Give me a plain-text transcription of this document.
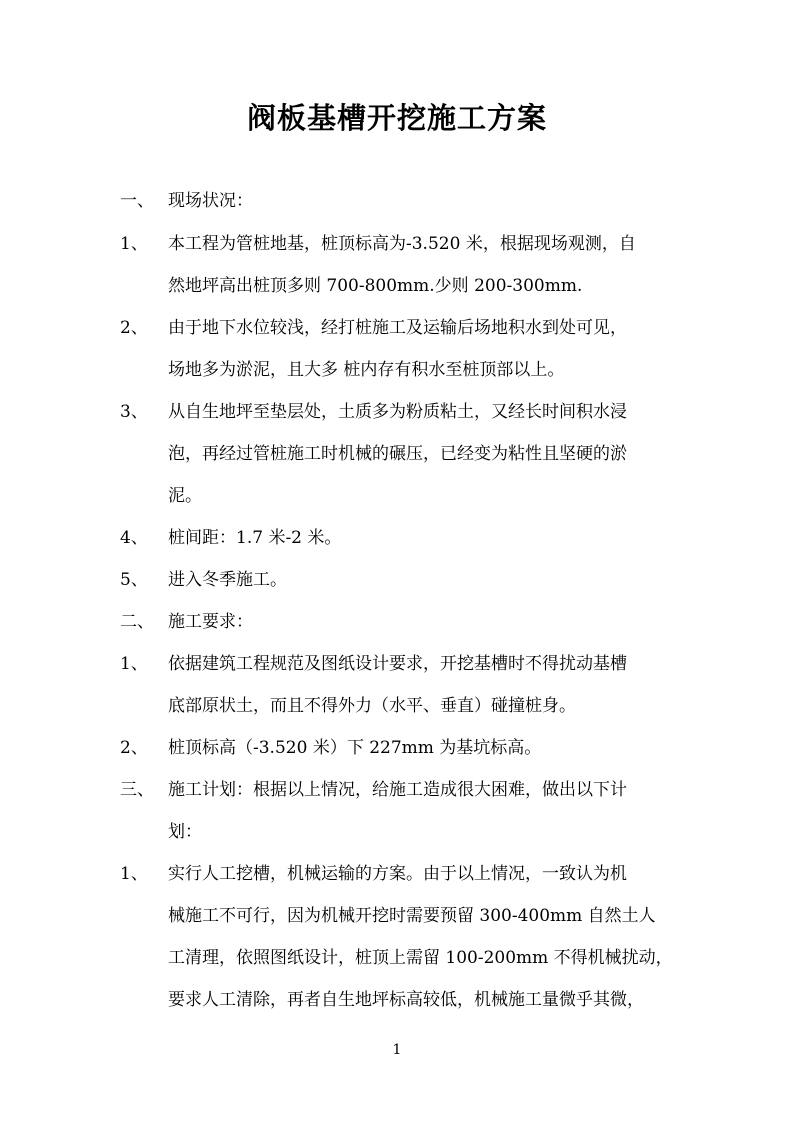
阀板基槽开挖施工方案
一、 现场状况：
1、 本工程为管桩地基，桩顶标高为-3.520 米，根据现场观测，自
然地坪高出桩顶多则 700-800mm.少则 200-300mm.
2、 由于地下水位较浅，经打桩施工及运输后场地积水到处可见，
场地多为淤泥，且大多 桩内存有积水至桩顶部以上。
3、 从自生地坪至垫层处，土质多为粉质粘土，又经长时间积水浸
泡，再经过管桩施工时机械的碾压，已经变为粘性且坚硬的淤
泥。
4、 桩间距：1.7 米-2 米。
5、 进入冬季施工。
二、 施工要求：
1、 依据建筑工程规范及图纸设计要求，开挖基槽时不得扰动基槽
底部原状土，而且不得外力（水平、垂直）碰撞桩身。
2、 桩顶标高（-3.520 米）下 227mm 为基坑标高。
三、 施工计划：根据以上情况，给施工造成很大困难，做出以下计
划：
1、 实行人工挖槽，机械运输的方案。由于以上情况，一致认为机
械施工不可行，因为机械开挖时需要预留 300-400mm 自然土人
工清理，依照图纸设计，桩顶上需留 100-200mm 不得机械扰动，
要求人工清除，再者自生地坪标高较低，机械施工量微乎其微，
1
